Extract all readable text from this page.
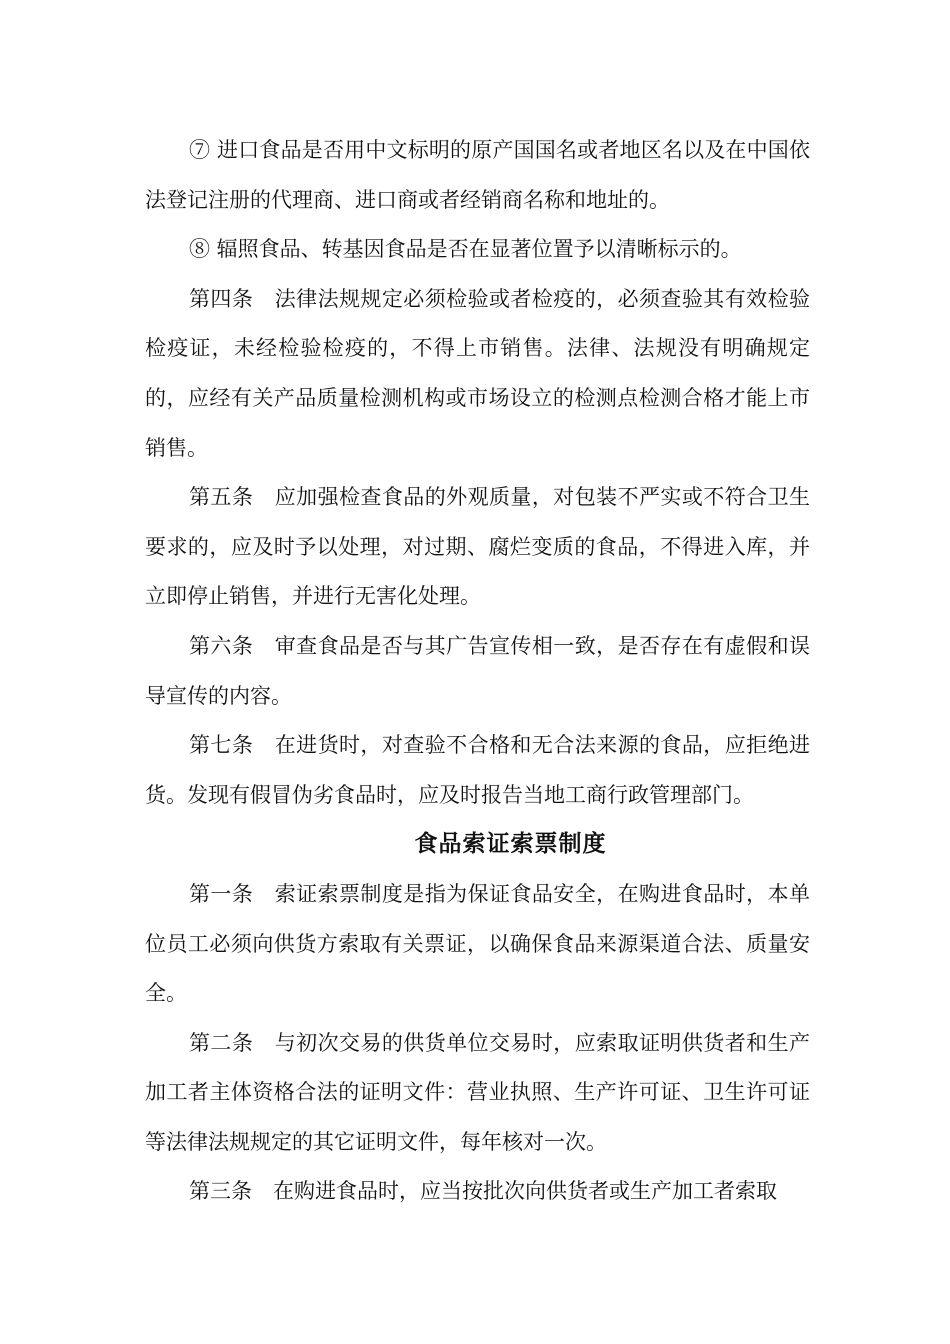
⑦ 进口食品是否用中文标明的原产国国名或者地区名以及在中国依法登记注册的代理商、进口商或者经销商名称和地址的。

⑧ 辐照食品、转基因食品是否在显著位置予以清晰标示的。

第四条　法律法规规定必须检验或者检疫的，必须查验其有效检验检疫证，未经检验检疫的，不得上市销售。法律、法规没有明确规定的，应经有关产品质量检测机构或市场设立的检测点检测合格才能上市销售。

第五条　应加强检查食品的外观质量，对包装不严实或不符合卫生要求的，应及时予以处理，对过期、腐烂变质的食品，不得进入库，并立即停止销售，并进行无害化处理。

第六条　审查食品是否与其广告宣传相一致，是否存在有虚假和误导宣传的内容。

第七条　在进货时，对查验不合格和无合法来源的食品，应拒绝进货。发现有假冒伪劣食品时，应及时报告当地工商行政管理部门。

食品索证索票制度

第一条　索证索票制度是指为保证食品安全，在购进食品时，本单位员工必须向供货方索取有关票证，以确保食品来源渠道合法、质量安全。

第二条　与初次交易的供货单位交易时，应索取证明供货者和生产加工者主体资格合法的证明文件：营业执照、生产许可证、卫生许可证等法律法规规定的其它证明文件，每年核对一次。

第三条　在购进食品时，应当按批次向供货者或生产加工者索取
